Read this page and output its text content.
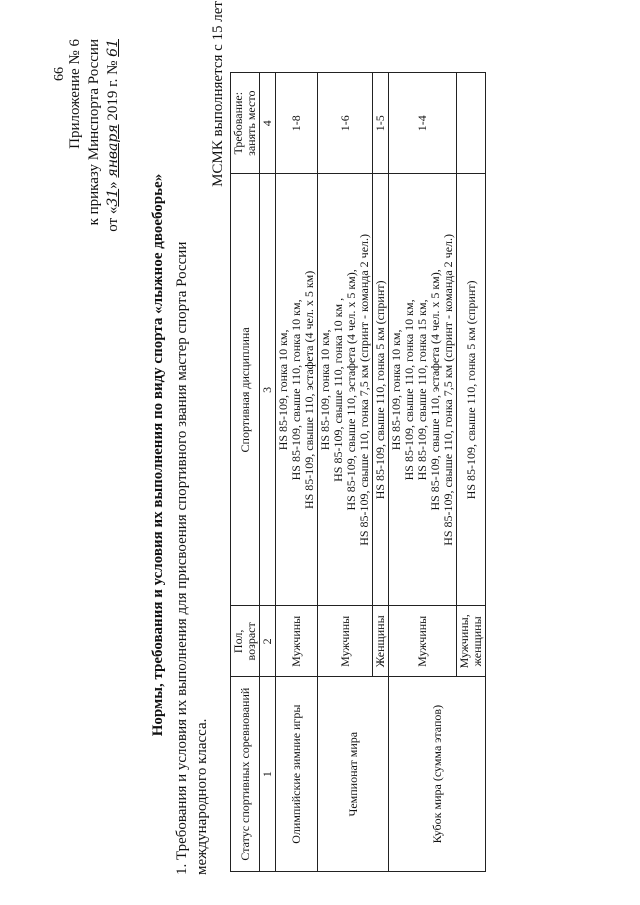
66 Приложение № 6 к приказу Минспорта России от «31» января 2019 г. № 61
Нормы, требования и условия их выполнения по виду спорта «лыжное двоеборье» 1. Требования и условия их выполнения для присвоения спортивного звания мастер спорта России международного класса.
МСМК выполняется с 15 лет
Статус спортивных соревнований	Пол, возраст	Спортивная дисциплина	Требование: занять место
1	2	3	4
Олимпийские зимние игры	Мужчины	HS 85-109, гонка 10 км, HS 85-109, свыше 110, гонка 10 км, HS 85-109, свыше 110, эстафета (4 чел. х 5 км)	1-8
Чемпионат мира	Мужчины	HS 85-109, гонка 10 км, HS 85-109, свыше 110, гонка 10 км , HS 85-109, свыше 110, эстафета (4 чел. х 5 км), HS 85-109, свыше 110, гонка 7,5 км (спринт - команда 2 чел.)	1-6
	Женщины	HS 85-109, свыше 110, гонка 5 км (спринт)	1-5
Кубок мира (сумма этапов)	Мужчины	HS 85-109, гонка 10 км, HS 85-109, свыше 110, гонка 10 км, HS 85-109, свыше 110, гонка 15 км, HS 85-109, свыше 110, эстафета (4 чел. х 5 км), HS 85-109, свыше 110, гонка 7,5 км (спринт - команда 2 чел.)	1-4
	Мужчины, женщины	HS 85-109, свыше 110, гонка 5 км (спринт)	
